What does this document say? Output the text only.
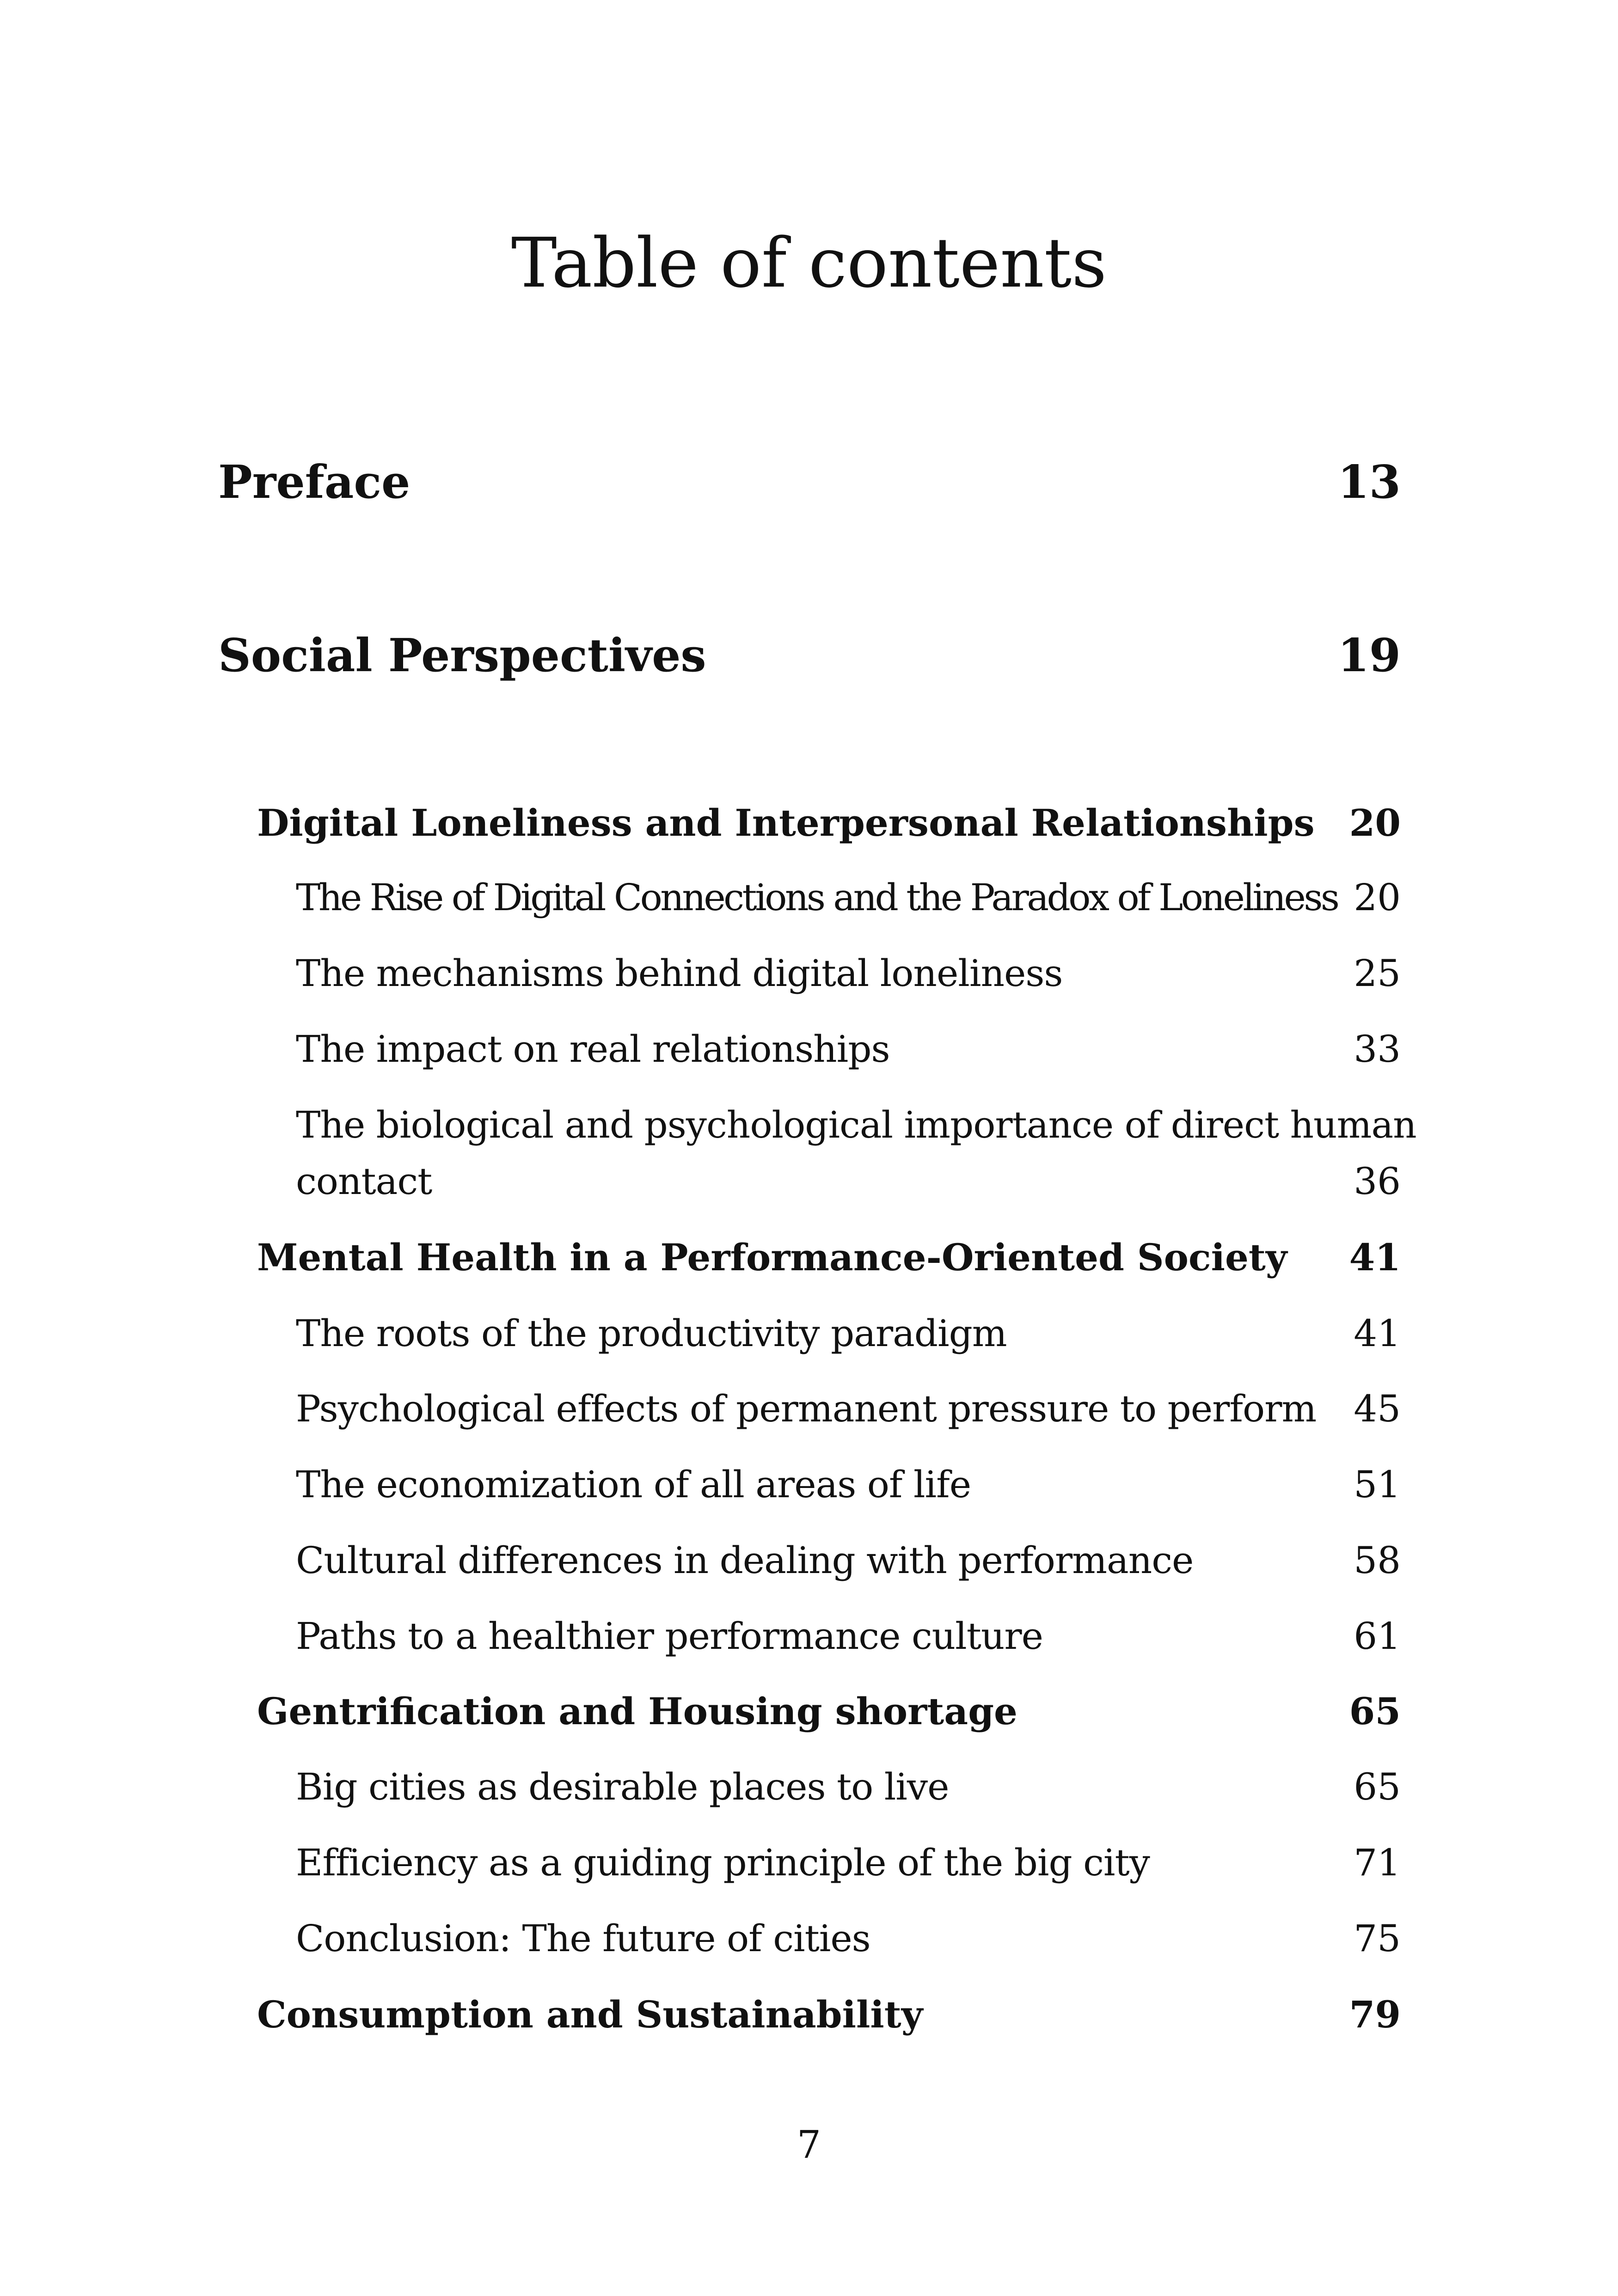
Table of contents
Preface	13
Social Perspectives	19
Digital Loneliness and Interpersonal Relationships 20
The Rise of Digital Connections and the Paradox of Loneliness 20
The mechanisms behind digital loneliness	25
The impact on real relationships	33
The biological and psychological importance of direct human
contact	36
Mental Health in a Performance-Oriented Society 41
The roots of the productivity paradigm	41
Psychological effects of permanent pressure to perform 45
The economization of all areas of life	51
Cultural differences in dealing with performance	58
Paths to a healthier performance culture	61
Gentrification and Housing shortage	65
Big cities as desirable places to live	65
Efficiency as a guiding principle of the big city	71
Conclusion: The future of cities	75
Consumption and Sustainability	79
7
